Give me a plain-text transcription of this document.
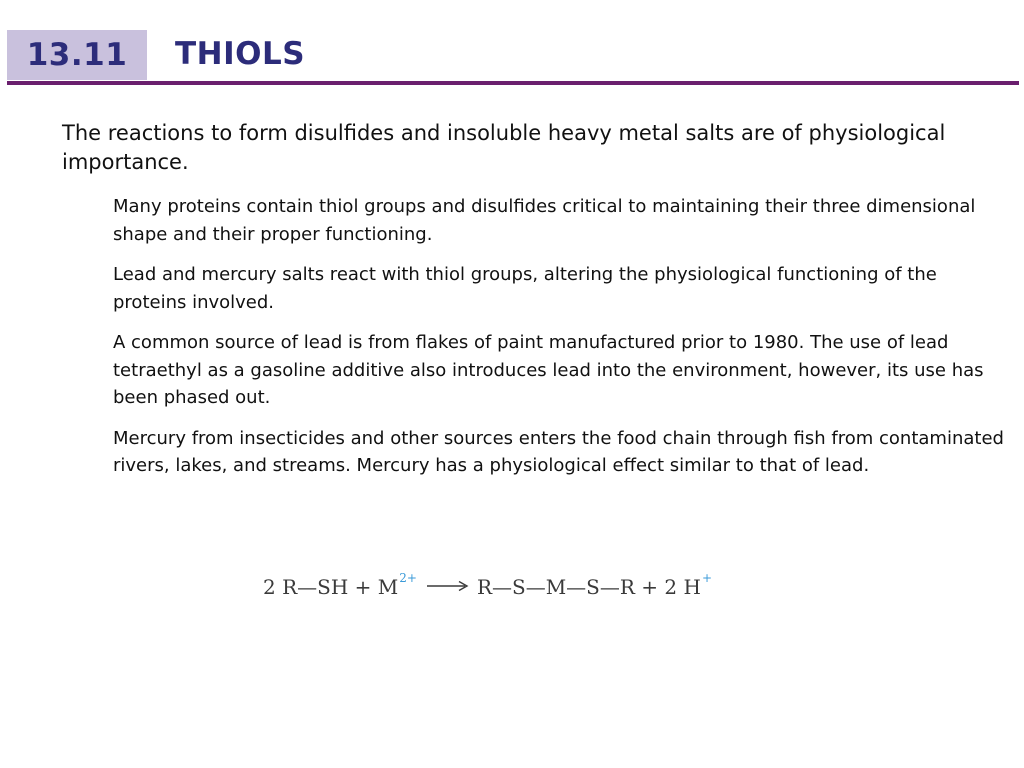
13.11 THIOLS

The reactions to form disulfides and insoluble heavy metal salts are of physiological importance.

Many proteins contain thiol groups and disulfides critical to maintaining their three dimensional shape and their proper functioning.
Lead and mercury salts react with thiol groups, altering the physiological functioning of the proteins involved.
A common source of lead is from flakes of paint manufactured prior to 1980. The use of lead tetraethyl as a gasoline additive also introduces lead into the environment, however, its use has been phased out.
Mercury from insecticides and other sources enters the food chain through fish from contaminated rivers, lakes, and streams. Mercury has a physiological effect similar to that of lead.
2 R—SH + M 2+ → R—S—M—S—R + 2 H +
